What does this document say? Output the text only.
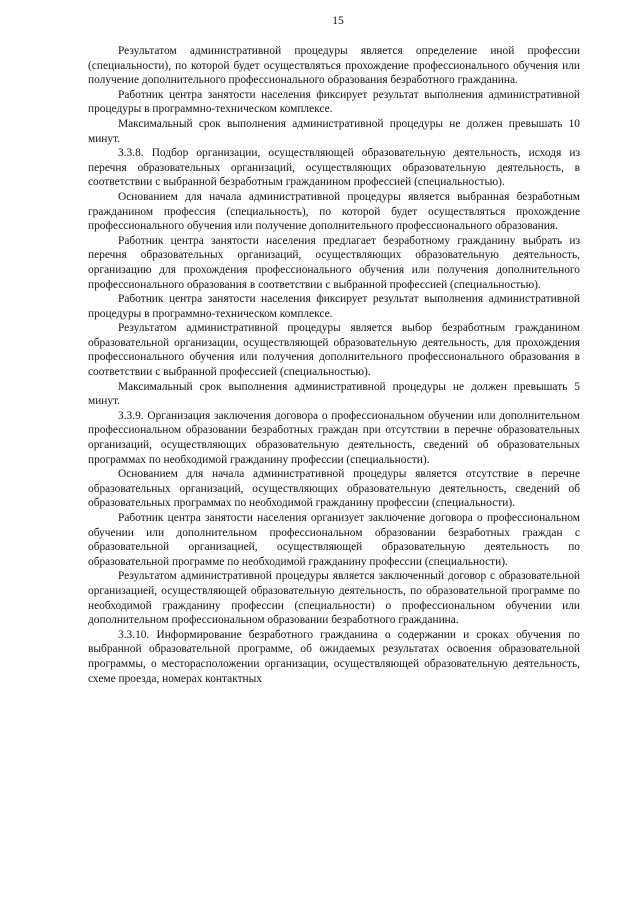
15

Результатом административной процедуры является определение иной профессии (специальности), по которой будет осуществляться прохождение профессионального обучения или получение дополнительного профессионального образования безработного гражданина.

Работник центра занятости населения фиксирует результат выполнения административной процедуры в программно-техническом комплексе.

Максимальный срок выполнения административной процедуры не должен превышать 10 минут.

3.3.8. Подбор организации, осуществляющей образовательную деятельность, исходя из перечня образовательных организаций, осуществляющих образовательную деятельность, в соответствии с выбранной безработным гражданином профессией (специальностью).

Основанием для начала административной процедуры является выбранная безработным гражданином профессия (специальность), по которой будет осуществляться прохождение профессионального обучения или получение дополнительного профессионального образования.

Работник центра занятости населения предлагает безработному гражданину выбрать из перечня образовательных организаций, осуществляющих образовательную деятельность, организацию для прохождения профессионального обучения или получения дополнительного профессионального образования в соответствии с выбранной профессией (специальностью).

Работник центра занятости населения фиксирует результат выполнения административной процедуры в программно-техническом комплексе.

Результатом административной процедуры является выбор безработным гражданином образовательной организации, осуществляющей образовательную деятельность, для прохождения профессионального обучения или получения дополнительного профессионального образования в соответствии с выбранной профессией (специальностью).

Максимальный срок выполнения административной процедуры не должен превышать 5 минут.

3.3.9. Организация заключения договора о профессиональном обучении или дополнительном профессиональном образовании безработных граждан при отсутствии в перечне образовательных организаций, осуществляющих образовательную деятельность, сведений об образовательных программах по необходимой гражданину профессии (специальности).

Основанием для начала административной процедуры является отсутствие в перечне образовательных организаций, осуществляющих образовательную деятельность, сведений об образовательных программах по необходимой гражданину профессии (специальности).

Работник центра занятости населения организует заключение договора о профессиональном обучении или дополнительном профессиональном образовании безработных граждан с образовательной организацией, осуществляющей образовательную деятельность по образовательной программе по необходимой гражданину профессии (специальности).

Результатом административной процедуры является заключенный договор с образовательной организацией, осуществляющей образовательную деятельность, по образовательной программе по необходимой гражданину профессии (специальности) о профессиональном обучении или дополнительном профессиональном образовании безработного гражданина.

3.3.10. Информирование безработного гражданина о содержании и сроках обучения по выбранной образовательной программе, об ожидаемых результатах освоения образовательной программы, о месторасположении организации, осуществляющей образовательную деятельность, схеме проезда, номерах контактных
